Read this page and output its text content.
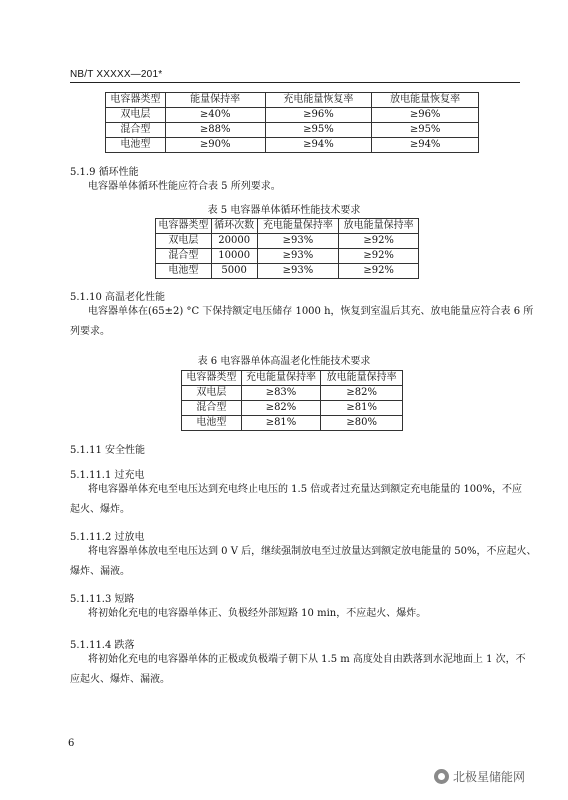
NB/T XXXXX—201*
电容器类型	能量保持率	充电能量恢复率	放电能量恢复率
双电层	≥40%	≥96%	≥96%
混合型	≥88%	≥95%	≥95%
电池型	≥90%	≥94%	≥94%
5.1.9 循环性能
电容器单体循环性能应符合表 5 所列要求。
表 5 电容器单体循环性能技术要求
电容器类型	循环次数	充电能量保持率	放电能量保持率
双电层	20000	≥93%	≥92%
混合型	10000	≥93%	≥92%
电池型	5000	≥93%	≥92%
5.1.10 高温老化性能
电容器单体在(65±2) °C 下保持额定电压储存 1000 h，恢复到室温后其充、放电能量应符合表 6 所
列要求。
表 6 电容器单体高温老化性能技术要求
电容器类型	充电能量保持率	放电能量保持率
双电层	≥83%	≥82%
混合型	≥82%	≥81%
电池型	≥81%	≥80%
5.1.11 安全性能
5.1.11.1 过充电
将电容器单体充电至电压达到充电终止电压的 1.5 倍或者过充量达到额定充电能量的 100%，不应
起火、爆炸。
5.1.11.2 过放电
将电容器单体放电至电压达到 0 V 后，继续强制放电至过放量达到额定放电能量的 50%，不应起火、
爆炸、漏液。
5.1.11.3 短路
将初始化充电的电容器单体正、负极经外部短路 10 min，不应起火、爆炸。
5.1.11.4 跌落
将初始化充电的电容器单体的正极或负极端子朝下从 1.5 m 高度处自由跌落到水泥地面上 1 次，不
应起火、爆炸、漏液。
6
北极星储能网
